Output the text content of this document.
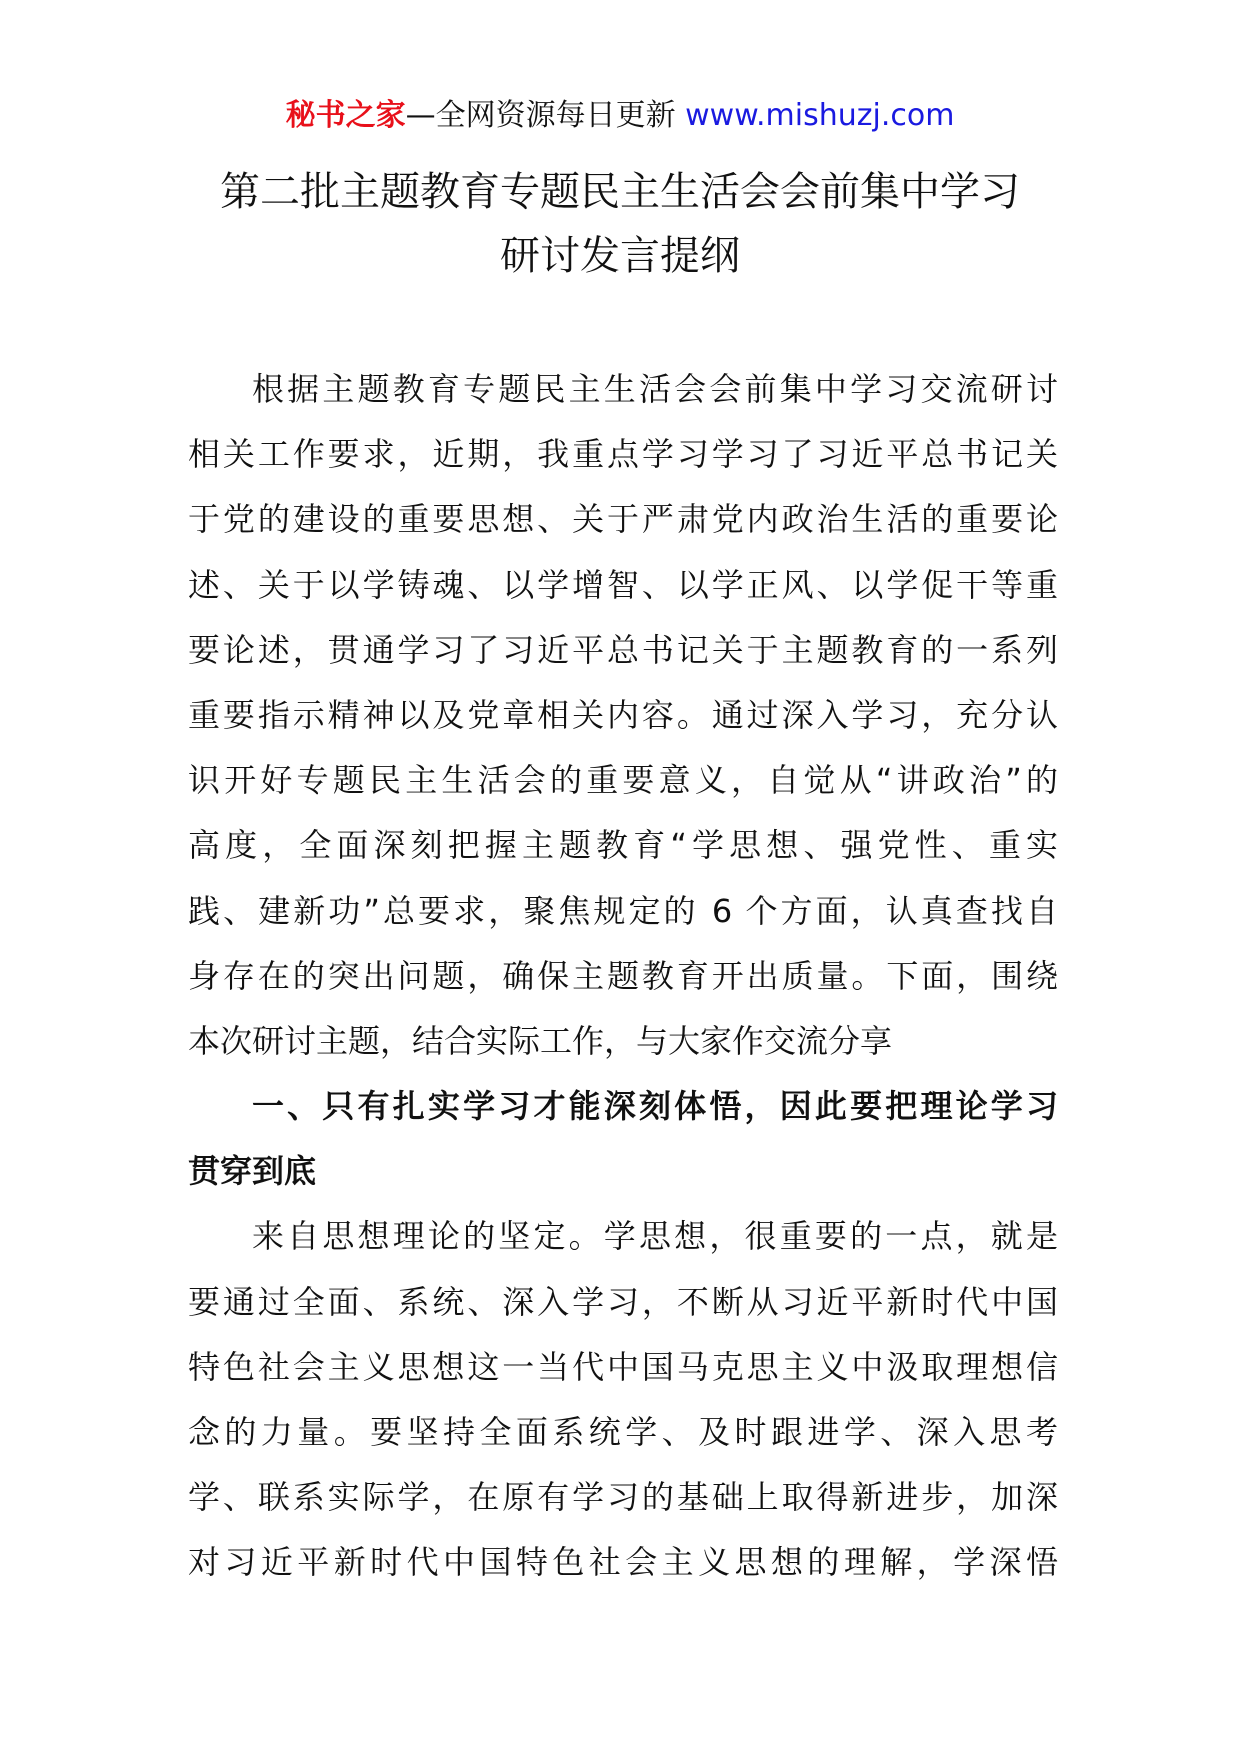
秘书之家—全网资源每日更新 www.mishuzj.com
第二批主题教育专题民主生活会会前集中学习
研讨发言提纲
根据主题教育专题民主生活会会前集中学习交流研讨
相关工作要求，近期，我重点学习学习了习近平总书记关
于党的建设的重要思想、关于严肃党内政治生活的重要论
述、关于以学铸魂、以学增智、以学正风、以学促干等重
要论述，贯通学习了习近平总书记关于主题教育的一系列
重要指示精神以及党章相关内容。通过深入学习，充分认
识开好专题民主生活会的重要意义，自觉从“讲政治”的
高度，全面深刻把握主题教育“学思想、强党性、重实
践、建新功”总要求，聚焦规定的 6 个方面，认真查找自
身存在的突出问题，确保主题教育开出质量。下面，围绕
本次研讨主题，结合实际工作，与大家作交流分享
一、只有扎实学习才能深刻体悟，因此要把理论学习
贯穿到底
来自思想理论的坚定。学思想，很重要的一点，就是
要通过全面、系统、深入学习，不断从习近平新时代中国
特色社会主义思想这一当代中国马克思主义中汲取理想信
念的力量。要坚持全面系统学、及时跟进学、深入思考
学、联系实际学，在原有学习的基础上取得新进步，加深
对习近平新时代中国特色社会主义思想的理解，学深悟
